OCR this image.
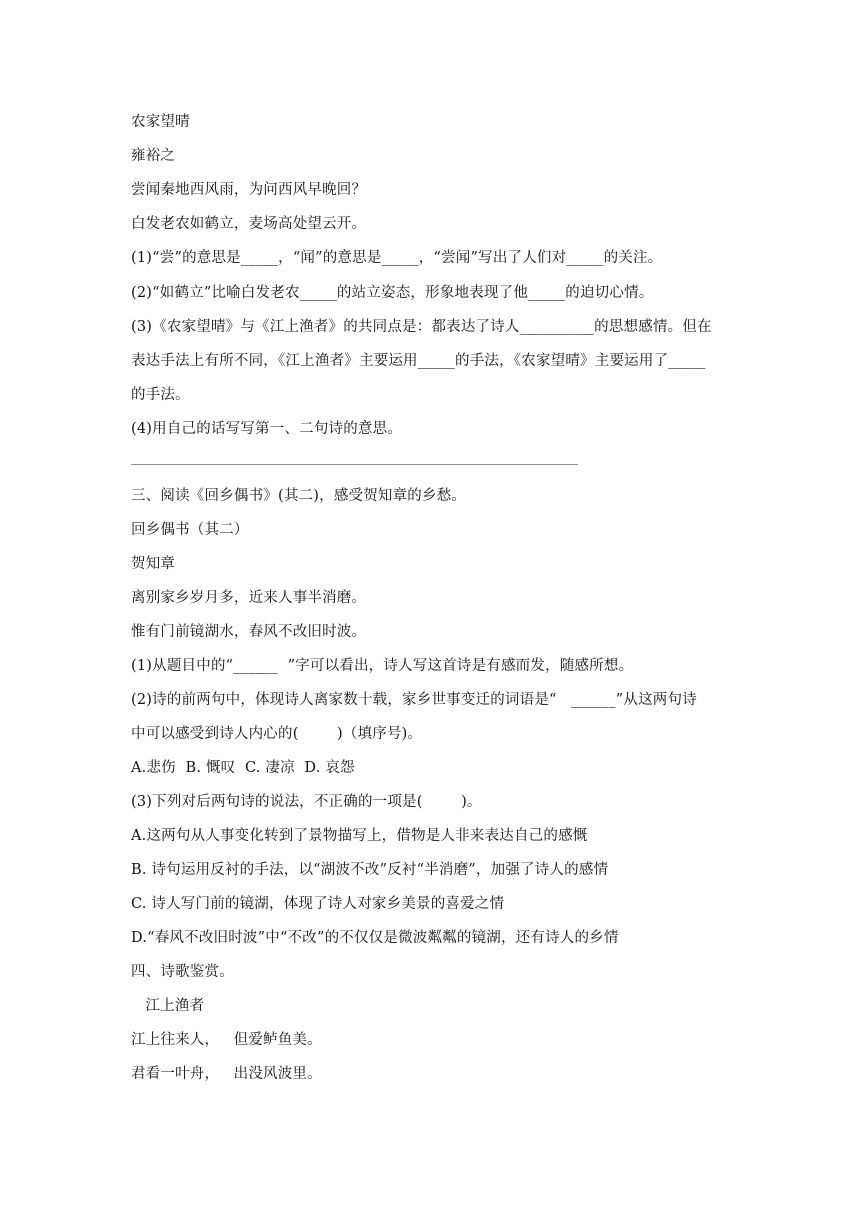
农家望晴
雍裕之
尝闻秦地西风雨，为问西风早晚回？
白发老农如鹤立，麦场高处望云开。
(1)“尝”的意思是_____，“闻”的意思是_____，“尝闻”写出了人们对_____的关注。
(2)“如鹤立”比喻白发老农_____的站立姿态，形象地表现了他_____的迫切心情。
(3)《农家望晴》与《江上渔者》的共同点是：都表达了诗人__________的思想感情。但在
表达手法上有所不同，《江上渔者》主要运用_____的手法，《农家望晴》主要运用了_____
的手法。
(4)用自己的话写写第一、二句诗的意思。
三、阅读《回乡偶书》(其二)，感受贺知章的乡愁。
回乡偶书（其二）
贺知章
离别家乡岁月多，近来人事半消磨。
惟有门前镜湖水，春风不改旧时波。
(1)从题目中的“______  ”字可以看出，诗人写这首诗是有感而发，随感所想。
(2)诗的前两句中，体现诗人离家数十载，家乡世事变迁的词语是“   ______”从这两句诗
中可以感受到诗人内心的(        )（填序号)。
A.悲伤  B. 慨叹  C. 凄凉  D. 哀怨
(3)下列对后两句诗的说法，不正确的一项是(        )。
A.这两句从人事变化转到了景物描写上，借物是人非来表达自己的感慨
B. 诗句运用反衬的手法，以“湖波不改”反衬“半消磨”，加强了诗人的感情
C. 诗人写门前的镜湖，体现了诗人对家乡美景的喜爱之情
D.“春风不改旧时波”中“不改”的不仅仅是微波粼粼的镜湖，还有诗人的乡情
四、诗歌鉴赏。
江上渔者
江上往来人，   但爱鲈鱼美。
君看一叶舟，   出没风波里。
